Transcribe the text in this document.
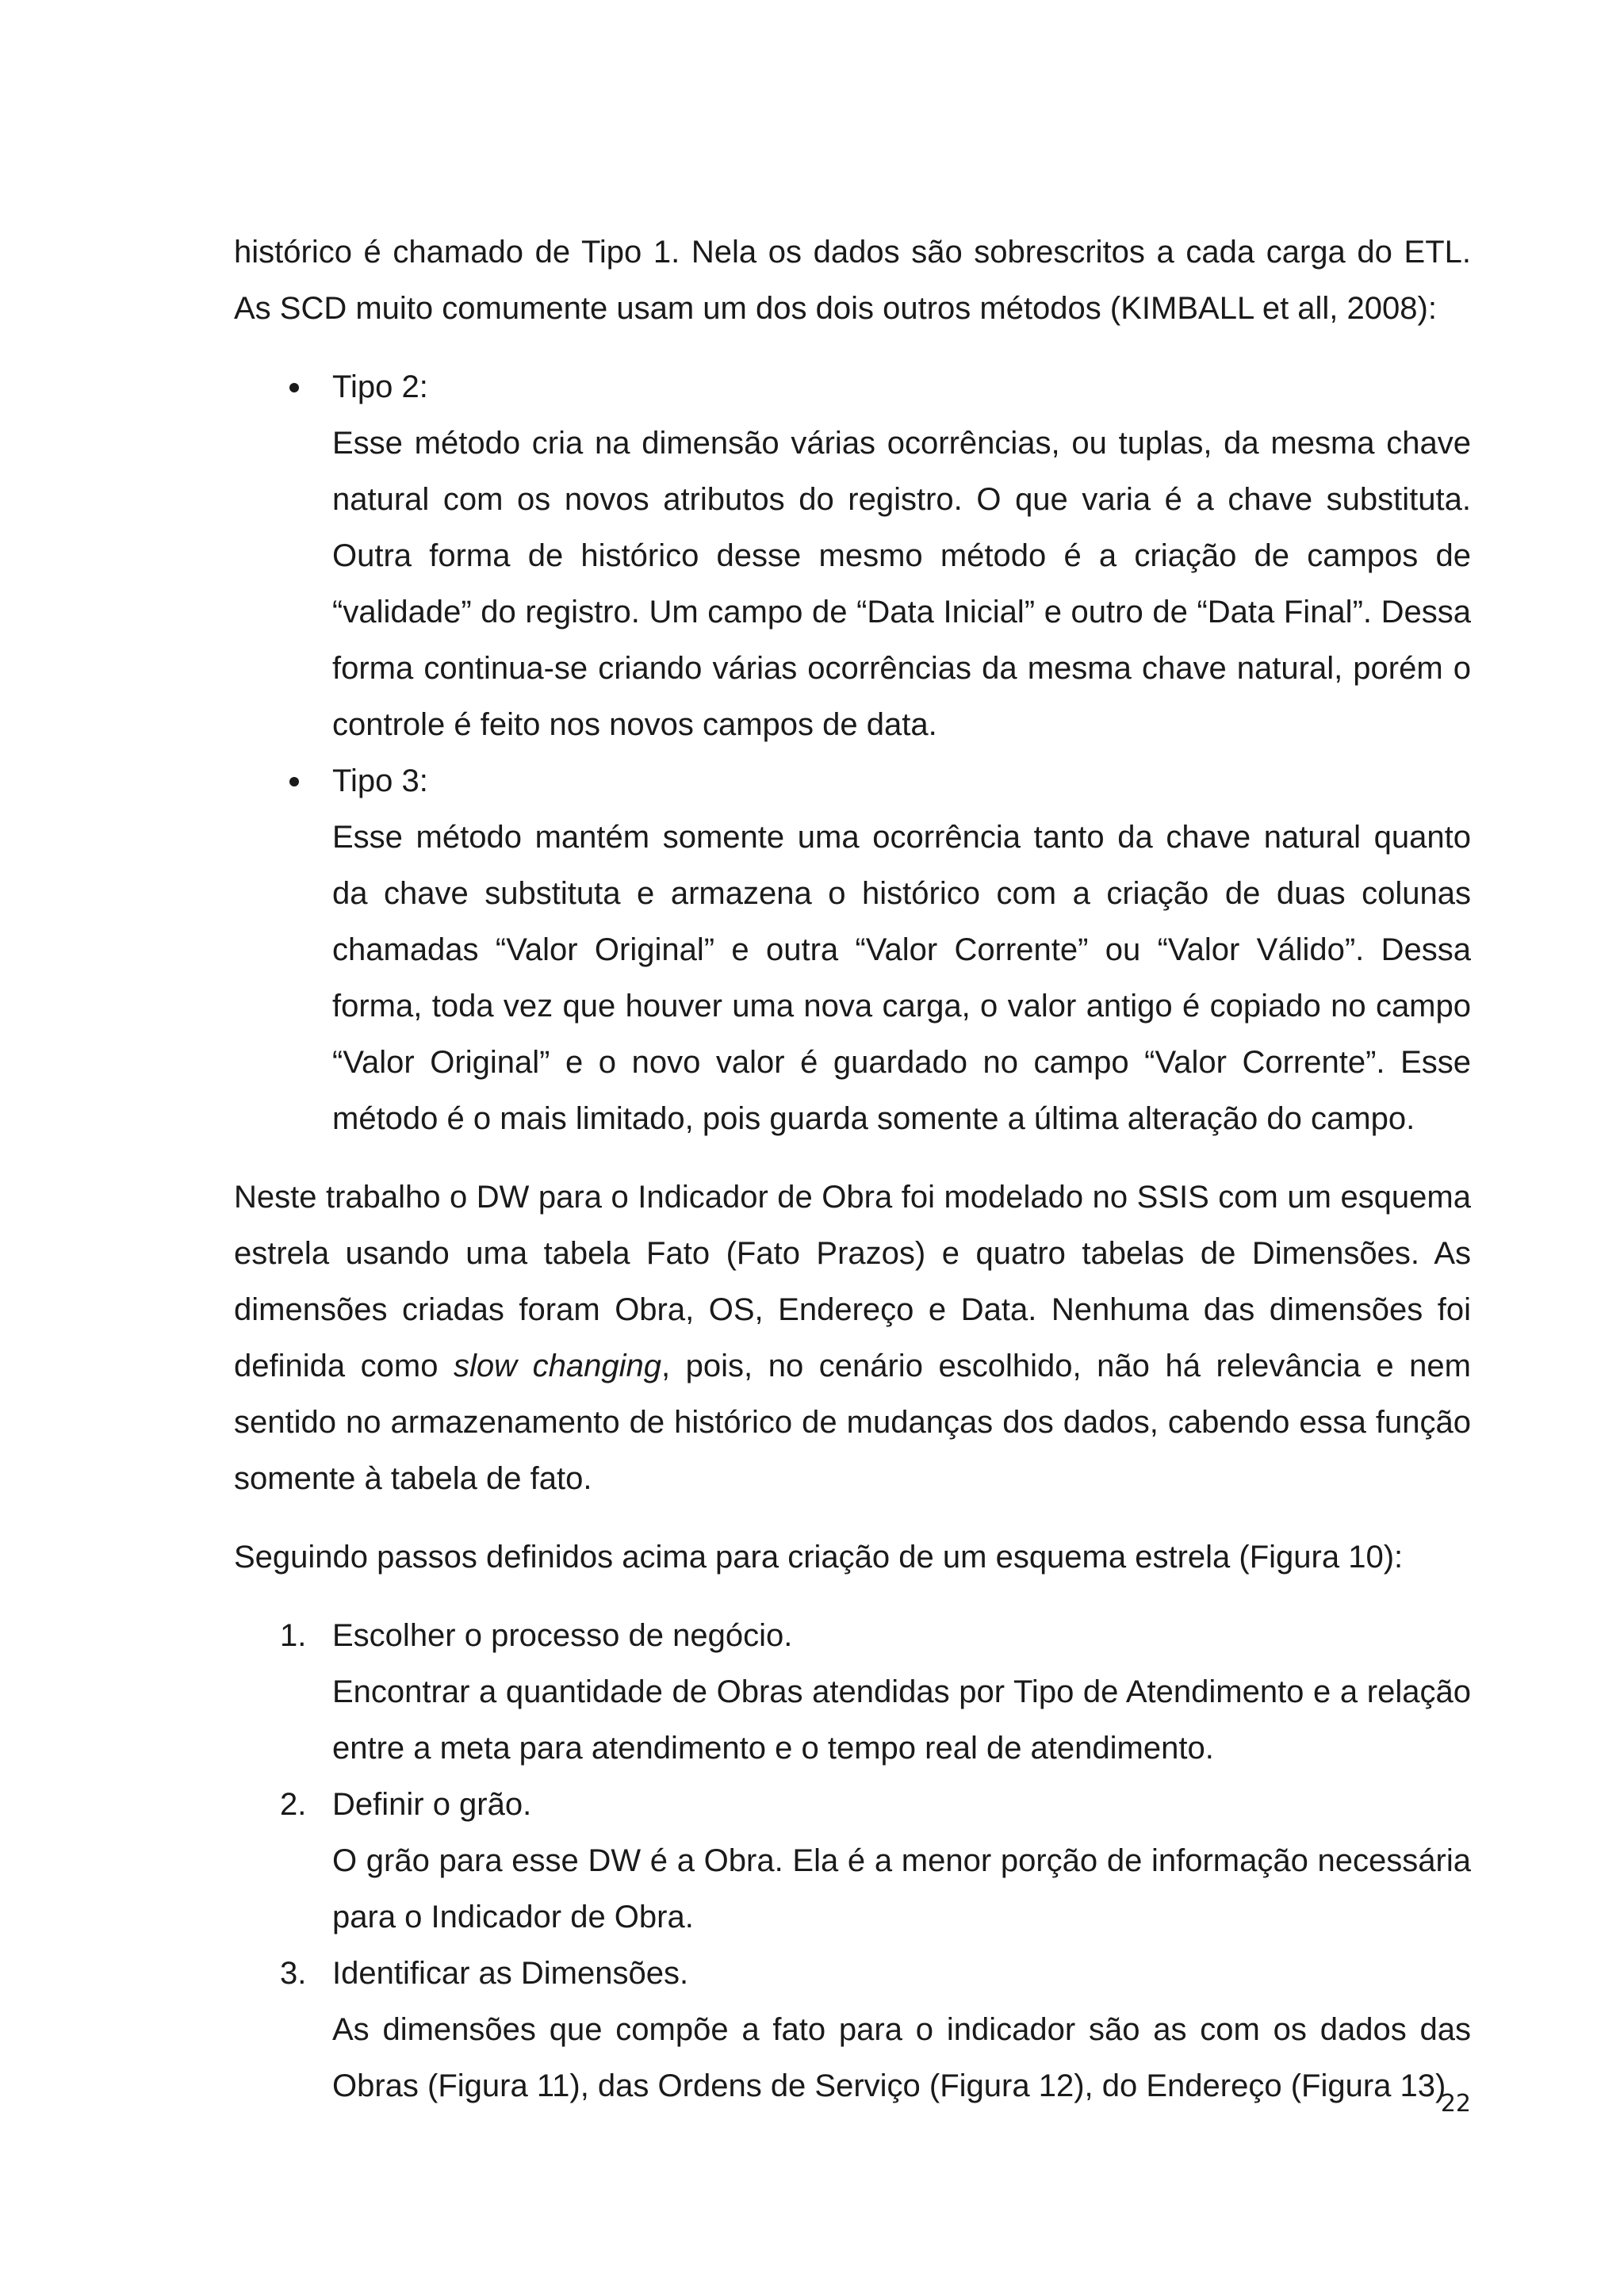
histórico é chamado de Tipo 1. Nela os dados são sobrescritos a cada carga do ETL. As SCD muito comumente usam um dos dois outros métodos (KIMBALL et all, 2008):

Tipo 2:

Esse método cria na dimensão várias ocorrências, ou tuplas, da mesma chave natural com os novos atributos do registro. O que varia é a chave substituta. Outra forma de histórico desse mesmo método é a criação de campos de “validade” do registro. Um campo de “Data Inicial” e outro de “Data Final”. Dessa forma continua-se criando várias ocorrências da mesma chave natural, porém o controle é feito nos novos campos de data.

Tipo 3:

Esse método mantém somente uma ocorrência tanto da chave natural quanto da chave substituta e armazena o histórico com a criação de duas colunas chamadas “Valor Original” e outra “Valor Corrente” ou “Valor Válido”. Dessa forma, toda vez que houver uma nova carga, o valor antigo é copiado no campo “Valor Original” e o novo valor é guardado no campo “Valor Corrente”. Esse método é o mais limitado, pois guarda somente a última alteração do campo.

Neste trabalho o DW para o Indicador de Obra foi modelado no SSIS com um esquema estrela usando uma tabela Fato (Fato Prazos) e quatro tabelas de Dimensões. As dimensões criadas foram Obra, OS, Endereço e Data. Nenhuma das dimensões foi definida como slow changing, pois, no cenário escolhido, não há relevância e nem sentido no armazenamento de histórico de mudanças dos dados, cabendo essa função somente à tabela de fato.

Seguindo passos definidos acima para criação de um esquema estrela (Figura 10):

1. Escolher o processo de negócio.

Encontrar a quantidade de Obras atendidas por Tipo de Atendimento e a relação entre a meta para atendimento e o tempo real de atendimento.

2. Definir o grão.

O grão para esse DW é a Obra. Ela é a menor porção de informação necessária para o Indicador de Obra.

3. Identificar as Dimensões.

As dimensões que compõe a fato para o indicador são as com os dados das Obras (Figura 11), das Ordens de Serviço (Figura 12), do Endereço (Figura 13)

22
